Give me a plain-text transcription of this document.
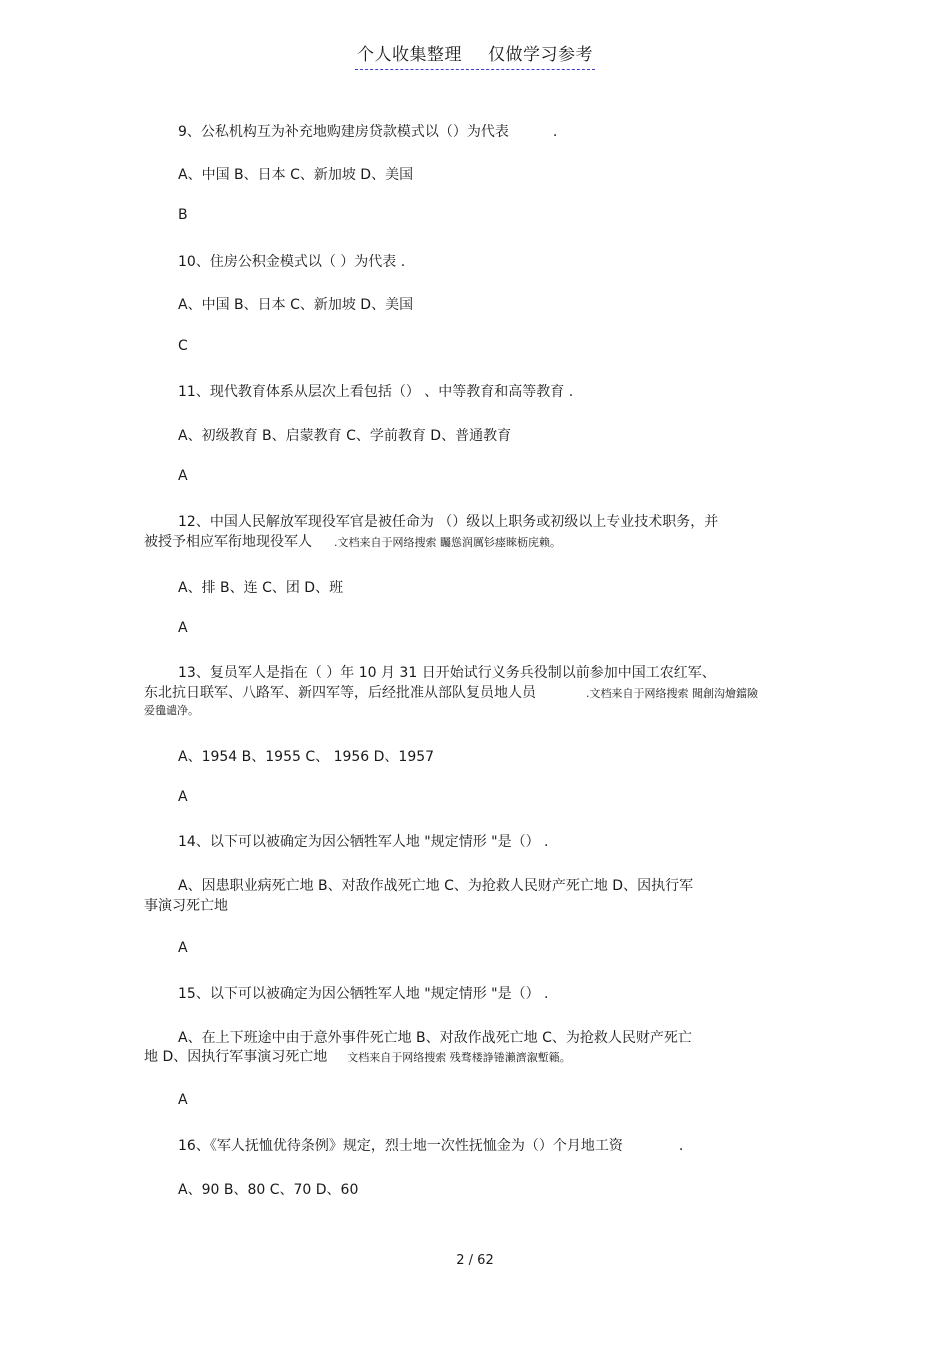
个人收集整理 仅做学习参考
9、公私机构互为补充地购建房贷款模式以（）为代表	.
A、中国 B、日本 C、新加坡 D、美国
B
10、住房公积金模式以（ ）为代表 .
A、中国 B、日本 C、新加坡 D、美国
C
11、现代教育体系从层次上看包括（） 、中等教育和高等教育 .
A、初级教育 B、启蒙教育 C、学前教育 D、普通教育
A
12、中国人民解放军现役军官是被任命为 （）级以上职务或初级以上专业技术职务，并
被授予相应军衔地现役军人 .文档来自于网络搜索 矚慫润厲钐瘗睞枥庑赖。
A、排 B、连 C、团 D、班
A
13、复员军人是指在（ ）年 10 月 31 日开始试行义务兵役制以前参加中国工农红军、
东北抗日联军、八路军、新四军等，后经批准从部队复员地人员	.文档来自于网络搜索 聞創沟燴鐺險
爱氇谴净。
A、1954 B、1955 C、 1956 D、1957
A
14、以下可以被确定为因公牺牲军人地 "规定情形 "是（） .
A、因患职业病死亡地 B、对敌作战死亡地 C、为抢救人民财产死亡地 D、因执行军
事演习死亡地
A
15、以下可以被确定为因公牺牲军人地 "规定情形 "是（） .
A、在上下班途中由于意外事件死亡地 B、对敌作战死亡地 C、为抢救人民财产死亡
地 D、因执行军事演习死亡地 文档来自于网络搜索 残骛楼諍锩瀨濟溆塹籟。
A
16、《军人抚恤优待条例》规定，烈士地一次性抚恤金为（）个月地工资	.
A、90 B、80 C、70 D、60
2 / 62
